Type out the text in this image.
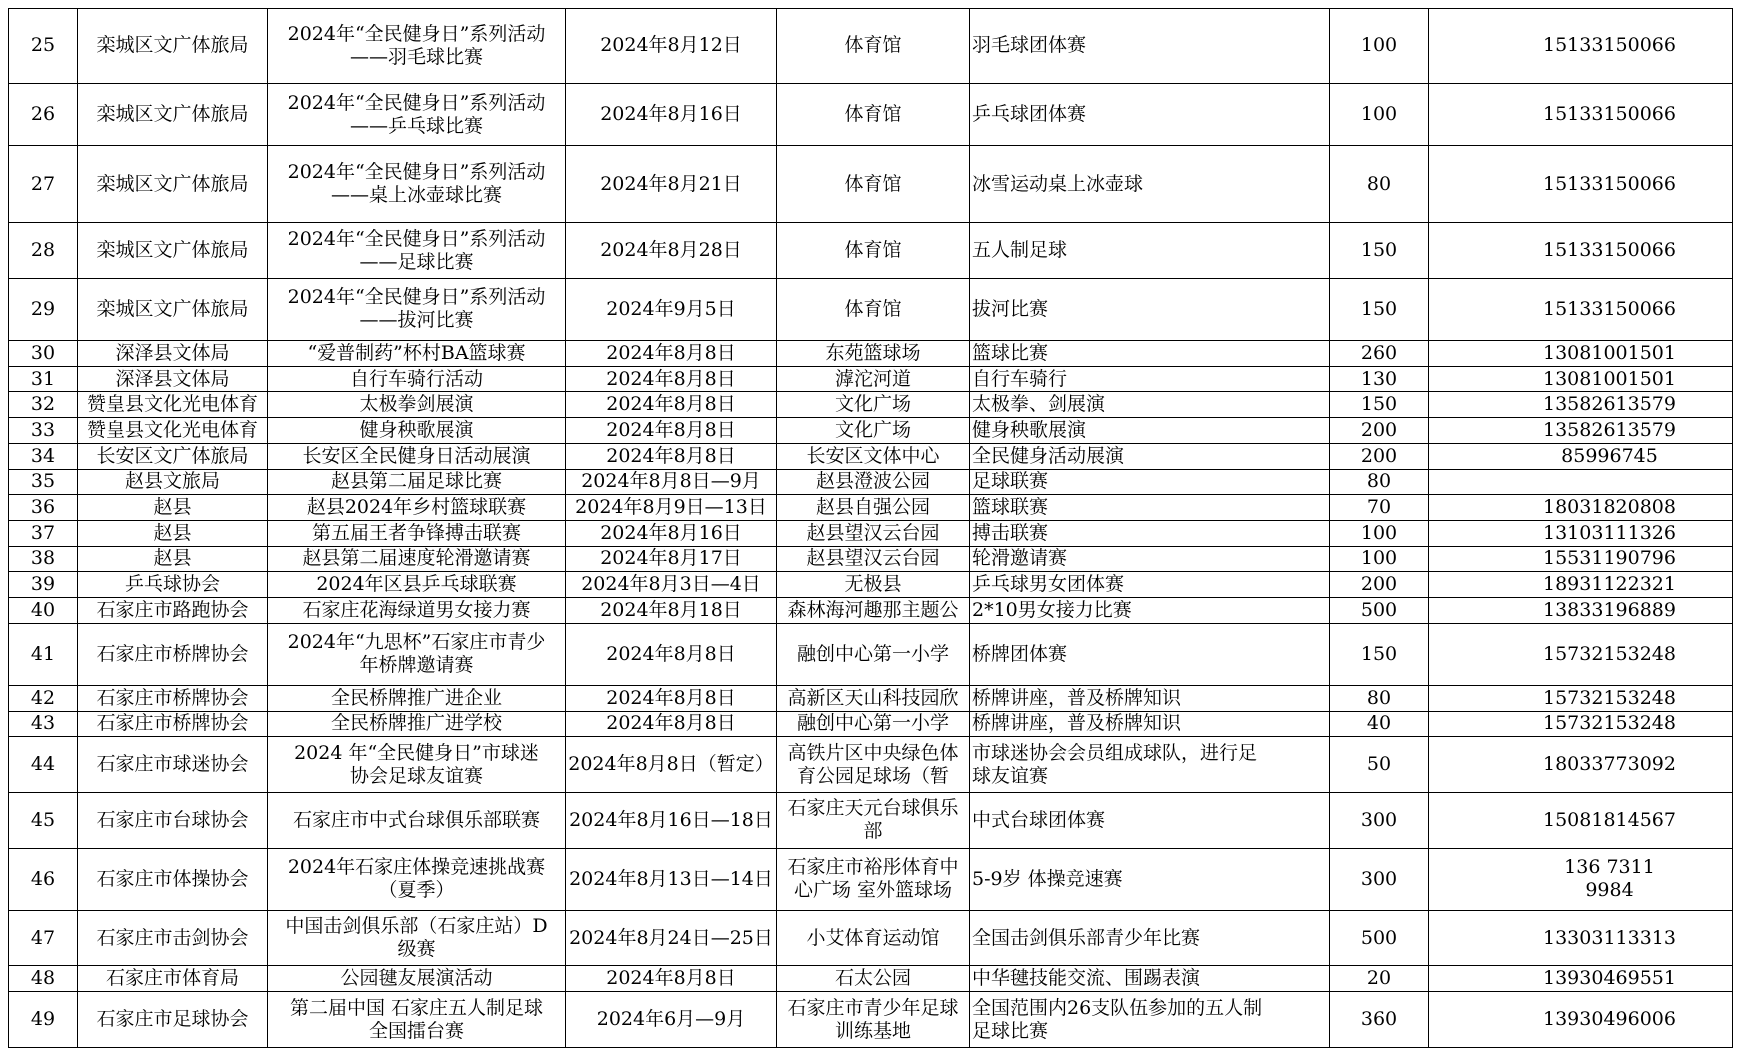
25	栾城区文广体旅局	2024年“全民健身日”系列活动
——羽毛球比赛	2024年8月12日	体育馆	羽毛球团体赛	100	15133150066

26	栾城区文广体旅局	2024年“全民健身日”系列活动
——乒乓球比赛	2024年8月16日	体育馆	乒乓球团体赛	100	15133150066

27	栾城区文广体旅局	2024年“全民健身日”系列活动
——桌上冰壶球比赛	2024年8月21日	体育馆	冰雪运动桌上冰壶球	80	15133150066

28	栾城区文广体旅局	2024年“全民健身日”系列活动
——足球比赛	2024年8月28日	体育馆	五人制足球	150	15133150066

29	栾城区文广体旅局	2024年“全民健身日”系列活动
——拔河比赛	2024年9月5日	体育馆	拔河比赛	150	15133150066

30	深泽县文体局	“爱普制药”杯村BA篮球赛	2024年8月8日	东苑篮球场	篮球比赛	260	13081001501

31	深泽县文体局	自行车骑行活动	2024年8月8日	滹沱河道	自行车骑行	130	13081001501

32	赞皇县文化光电体育	太极拳剑展演	2024年8月8日	文化广场	太极拳、剑展演	150	13582613579

33	赞皇县文化光电体育	健身秧歌展演	2024年8月8日	文化广场	健身秧歌展演	200	13582613579

34	长安区文广体旅局	长安区全民健身日活动展演	2024年8月8日	长安区文体中心	全民健身活动展演	200	85996745

35	赵县文旅局	赵县第二届足球比赛	2024年8月8日—9月	赵县澄波公园	足球联赛	80	

36	赵县	赵县2024年乡村篮球联赛	2024年8月9日—13日	赵县自强公园	篮球联赛	70	18031820808

37	赵县	第五届王者争锋搏击联赛	2024年8月16日	赵县望汉云台园	搏击联赛	100	13103111326

38	赵县	赵县第二届速度轮滑邀请赛	2024年8月17日	赵县望汉云台园	轮滑邀请赛	100	15531190796

39	乒乓球协会	2024年区县乒乓球联赛	2024年8月3日—4日	无极县	乒乓球男女团体赛	200	18931122321

40	石家庄市路跑协会	石家庄花海绿道男女接力赛	2024年8月18日	森林海河趣那主题公	2*10男女接力比赛	500	13833196889

41	石家庄市桥牌协会	2024年“九思杯”石家庄市青少
年桥牌邀请赛	2024年8月8日	融创中心第一小学	桥牌团体赛	150	15732153248

42	石家庄市桥牌协会	全民桥牌推广进企业	2024年8月8日	高新区天山科技园欣	桥牌讲座，普及桥牌知识	80	15732153248

43	石家庄市桥牌协会	全民桥牌推广进学校	2024年8月8日	融创中心第一小学	桥牌讲座，普及桥牌知识	40	15732153248

44	石家庄市球迷协会	2024 年“全民健身日”市球迷
协会足球友谊赛	2024年8月8日（暂定）	高铁片区中央绿色体
育公园足球场（暂	市球迷协会会员组成球队，进行足
球友谊赛	50	18033773092

45	石家庄市台球协会	石家庄市中式台球俱乐部联赛	2024年8月16日—18日	石家庄天元台球俱乐
部	中式台球团体赛	300	15081814567

46	石家庄市体操协会	2024年石家庄体操竞速挑战赛
（夏季）	2024年8月13日—14日	石家庄市裕彤体育中
心广场 室外篮球场	5-9岁 体操竞速赛	300	136 7311
9984

47	石家庄市击剑协会	中国击剑俱乐部（石家庄站）D
级赛	2024年8月24日—25日	小艾体育运动馆	全国击剑俱乐部青少年比赛	500	13303113313

48	石家庄市体育局	公园毽友展演活动	2024年8月8日	石太公园	中华毽技能交流、围踢表演	20	13930469551

49	石家庄市足球协会	第二届中国 石家庄五人制足球
全国擂台赛	2024年6月—9月	石家庄市青少年足球
训练基地	全国范围内26支队伍参加的五人制
足球比赛	360	13930496006
